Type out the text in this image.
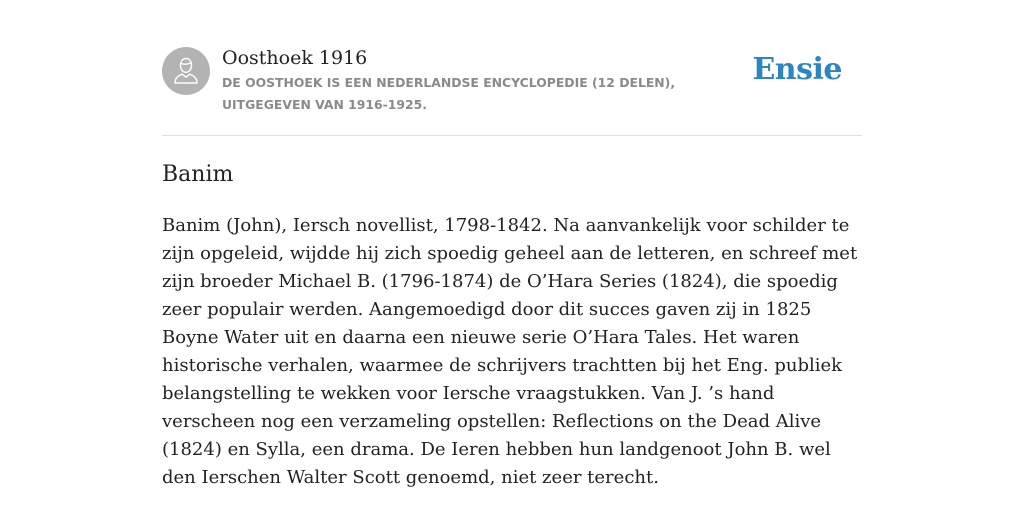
Oosthoek 1916
DE OOSTHOEK IS EEN NEDERLANDSE ENCYCLOPEDIE (12 DELEN), UITGEGEVEN VAN 1916-1925.
Ensie
Banim

Banim (John), Iersch novellist, 1798-1842. Na aanvankelijk voor schilder te zijn opgeleid, wijdde hij zich spoedig geheel aan de letteren, en schreef met zijn broeder Michael B. (1796-1874) de O’Hara Series (1824), die spoedig zeer populair werden. Aangemoedigd door dit succes gaven zij in 1825 Boyne Water uit en daarna een nieuwe serie O’Hara Tales. Het waren historische verhalen, waarmee de schrijvers trachtten bij het Eng. publiek belangstelling te wekken voor Iersche vraagstukken. Van J. ’s hand verscheen nog een verzameling opstellen: Reflections on the Dead Alive (1824) en Sylla, een drama. De Ieren hebben hun landgenoot John B. wel den Ierschen Walter Scott genoemd, niet zeer terecht.
